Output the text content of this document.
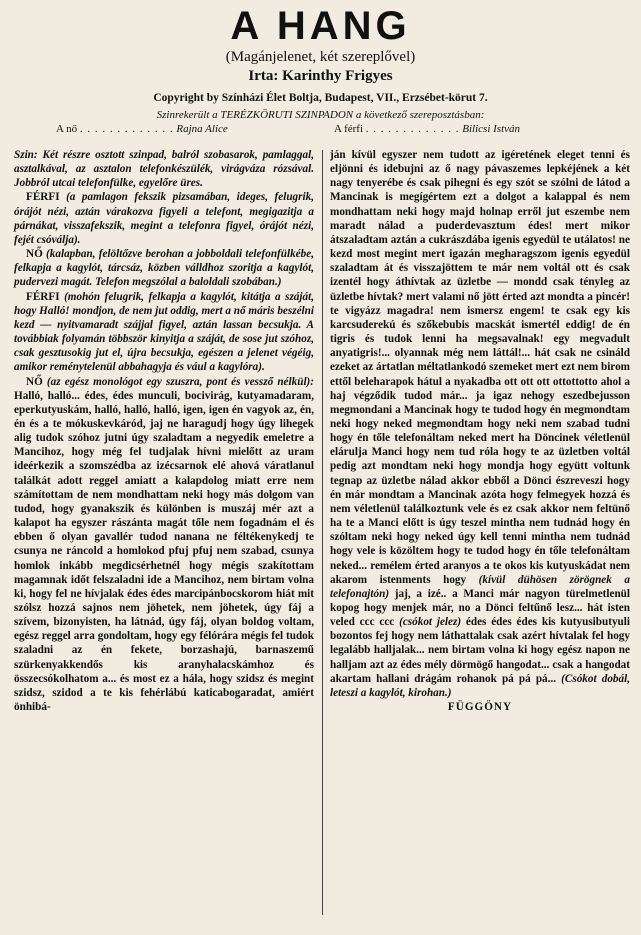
A HANG
(Magánjelenet, két szereplővel)
Irta: Karinthy Frigyes
Copyright by Színházi Élet Boltja, Budapest, VII., Erzsébet-körut 7.
Szinrekerült a TERÉZKÖRUTI SZINPADON a következő szereposztásban:
A nő . . . . . . . . . . . . . Rajna Alice	A férfi . . . . . . . . . . . . . Bilicsi István

Szin: Két részre osztott szinpad, balról szobasarok, pamlaggal, asztalkával, az asztalon telefonkészülék, virágváza rózsával. Jobbról utcai telefonfülke, egyelőre üres.

FÉRFI (a pamlagon fekszik pizsamában, ideges, felugrik, órájót nézi, aztán várakozva figyeli a telefont, megigazitja a párnákat, visszafekszik, megint a telefonra figyel, órájót nézi, fejét csóválja).

NŐ (kalapban, felöltőzve berohan a jobboldali telefonfülkébe, felkapja a kagylót, tárcsáz, közben válldhoz szoritja a kagylót, pudervezi magát. Telefon megszólal a baloldali szobában.)

FÉRFI (mohón felugrik, felkapja a kagylót, kitátja a száját, hogy Halló! mondjon, de nem jut oddig, mert a nő máris beszélni kezd — nyitvamaradt szájjal figyel, aztán lassan becsukja. A továbbiak folyamán többször kinyitja a száját, de sose jut szóhoz, csak gesztusokig jut el, újra becsukja, egészen a jelenet végéig, amikor reménytelenül abbahagyja és vául a kagylóra).

NŐ (az egész monológot egy szuszra, pont és vessző nélkül): Halló, halló... édes, édes munculi, bocivirág, kutyamadaram, eperkutyuskám, halló, halló, halló, igen, igen én vagyok az, én, én és a te mókuskevkáród, jaj ne haragudj hogy úgy lihegek alig tudok szóhoz jutni úgy szaladtam a negyedik emeletre a Mancihoz, hogy még fel tudjalak hívni mielőtt az uram ideérkezik a szomszédba az izécsarnok elé ahová váratlanul találkát adott reggel amiatt a kalapdolog miatt erre nem számítottam de nem mondhattam neki hogy más dolgom van tudod, hogy gyanakszik és különben is muszáj mér azt a kalapot ha egyszer rászánta magát tőle nem fogadnám el és ebben ő olyan gavallér tudod nanana ne féltékenykedj te csunya ne ráncold a homlokod pfuj pfuj nem szabad, csunya homlok inkább megdicsérhetnél hogy mégis szakítottam magamnak időt felszaladni ide a Mancihoz, nem birtam volna ki, hogy fel ne hívjalak édes édes marcipánbocskorom hiát mit szólsz hozzá sajnos nem jöhetek, nem jöhetek, úgy fáj a szívem, bizonyisten, ha látnád, úgy fáj, olyan boldog voltam, egész reggel arra gondoltam, hogy egy félórára mégis fel tudok szaladni az én fekete, borzashajú, barnaszemű szürkenyakkendős kis aranyhalacskámhoz és összecsókolhatom a... és most ez a hála, hogy szidsz és megint szidsz, szidod a te kis fehérlábú katicabogaradat, amiért önhibá-

ján kívül egyszer nem tudott az igéretének eleget tenni és eljönni és idebujni az ő nagy pávaszemes lepkéjének a két nagy tenyerébe és csak pihegni és egy szót se szólni de látod a Mancinak is megígértem ezt a dolgot a kalappal és nem mondhattam neki hogy majd holnap erről jut eszembe nem maradt nálad a puderdevasztum édes! mert mikor átszaladtam aztán a cukrászdába igenis egyedül te utálatos! ne kezd most megint mert igazán megharagszom igenis egyedül szaladtam át és visszajöttem te már nem voltál ott és csak izentél hogy áthívtak az üzletbe — mondd csak tényleg az üzletbe hívtak? mert valami nő jött érted azt mondta a pincér! te vigyázz magadra! nem ismersz engem! te csak egy kis karcsuderekú és szőkebubis macskát ismertél eddig! de én tigris és tudok lenni ha megsavalnak! egy megvadult anyatigris!... olyannak még nem láttál!... hát csak ne csináld ezeket az ártatlan méltatlankodó szemeket mert ezt nem birom ettől beleharapok hátul a nyakadba ott ott ott ottottotto ahol a haj végződik tudod már... ja igaz nehogy eszedbejusson megmondani a Mancinak hogy te tudod hogy én megmondtam neki hogy neked megmondtam hogy neki nem szabad tudni hogy én tőle telefonáltam neked mert ha Döncinek véletlenül elárulja Manci hogy nem tud róla hogy te az üzletben voltál pedig azt mondtam neki hogy mondja hogy együtt voltunk tegnap az üzletbe nálad akkor ebből a Dönci észreveszi hogy én már mondtam a Mancinak azóta hogy felmegyek hozzá és nem véletlenül találkoztunk vele és ez csak akkor nem feltünő ha te a Manci előtt is úgy teszel mintha nem tudnád hogy én szóltam neki hogy neked úgy kell tenni mintha nem tudnád hogy vele is közöltem hogy te tudod hogy én tőle telefonáltam neked... remélem érted aranyos a te okos kis kutyuskádat nem akarom istenments hogy (kívül dühösen zörögnek a telefonajtón) jaj, a izé.. a Manci már nagyon türelmetlenül kopog hogy menjek már, no a Dönci feltűnő lesz... hát isten veled ccc ccc (csókot jelez) édes édes édes kis kutyusibutyuli bozontos fej hogy nem láthattalak csak azért hívtalak fel hogy legalább halljalak... nem birtam volna ki hogy egész napon ne halljam azt az édes mély dörmögő hangodat... csak a hangodat akartam hallani drágám rohanok pá pá pá... (Csókot dobál, leteszi a kagylót, kirohan.)

FÜGGÖNY
